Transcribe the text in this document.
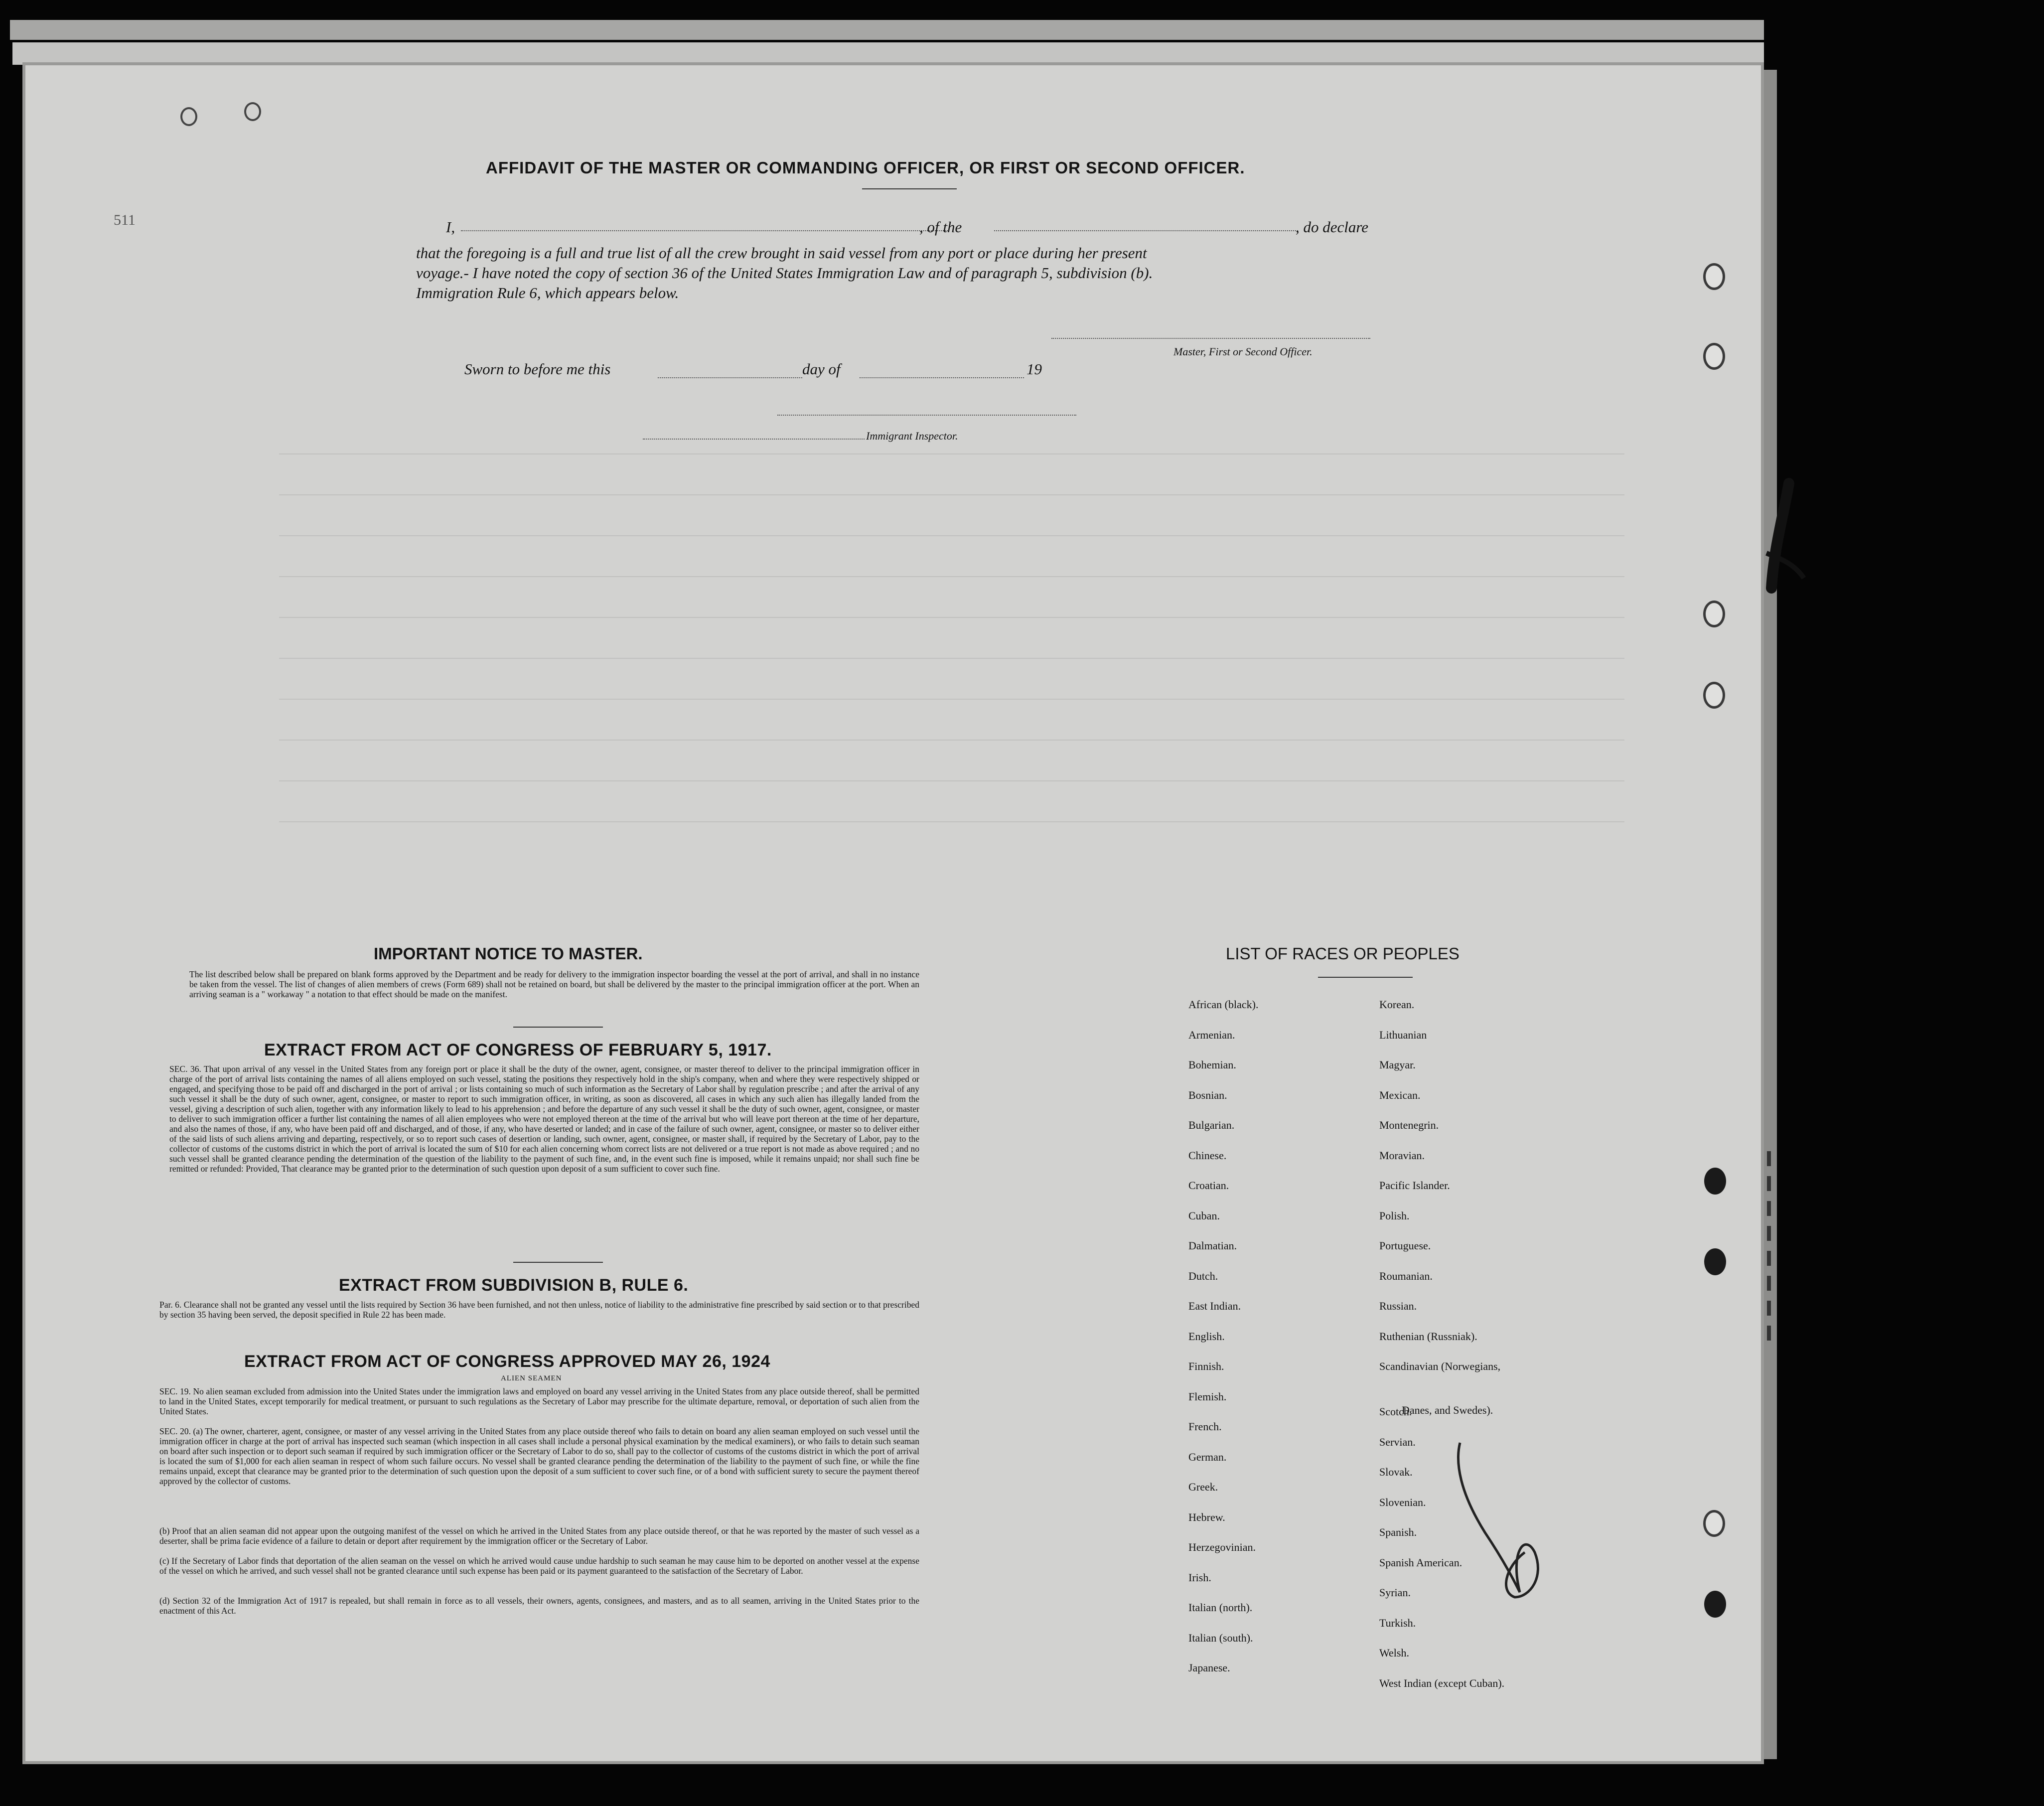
511
AFFIDAVIT OF THE MASTER OR COMMANDING OFFICER, OR FIRST OR SECOND OFFICER.
I,	, of the	, do declare
that the foregoing is a full and true list of all the crew brought in said vessel from any port or place during her present
voyage.- I have noted the copy of section 36 of the United States Immigration Law and of paragraph 5, subdivision (b).
Immigration Rule 6, which appears below.
Master, First or Second Officer.
Sworn to before me this	day of	19
Immigrant Inspector.
IMPORTANT NOTICE TO MASTER.
The list described below shall be prepared on blank forms approved by the Department and be ready for delivery to the immigration inspector boarding the vessel at the port of arrival, and shall in no instance be taken from the vessel. The list of changes of alien members of crews (Form 689) shall not be retained on board, but shall be delivered by the master to the principal immigration officer at the port. When an arriving seaman is a " workaway " a notation to that effect should be made on the manifest.
EXTRACT FROM ACT OF CONGRESS OF FEBRUARY 5, 1917.
SEC. 36. That upon arrival of any vessel in the United States from any foreign port or place it shall be the duty of the owner, agent, consignee, or master thereof to deliver to the principal immigration officer in charge of the port of arrival lists containing the names of all aliens employed on such vessel, stating the positions they respectively hold in the ship's company, when and where they were respectively shipped or engaged, and specifying those to be paid off and discharged in the port of arrival ; or lists containing so much of such information as the Secretary of Labor shall by regulation prescribe ; and after the arrival of any such vessel it shall be the duty of such owner, agent, consignee, or master to report to such immigration officer, in writing, as soon as discovered, all cases in which any such alien has illegally landed from the vessel, giving a description of such alien, together with any information likely to lead to his apprehension ; and before the departure of any such vessel it shall be the duty of such owner, agent, consignee, or master to deliver to such immigration officer a further list containing the names of all alien employees who were not employed thereon at the time of the arrival but who will leave port thereon at the time of her departure, and also the names of those, if any, who have been paid off and discharged, and of those, if any, who have deserted or landed; and in case of the failure of such owner, agent, consignee, or master so to deliver either of the said lists of such aliens arriving and departing, respectively, or so to report such cases of desertion or landing, such owner, agent, consignee, or master shall, if required by the Secretary of Labor, pay to the collector of customs of the customs district in which the port of arrival is located the sum of $10 for each alien concerning whom correct lists are not delivered or a true report is not made as above required ; and no such vessel shall be granted clearance pending the determination of the question of the liability to the payment of such fine, and, in the event such fine is imposed, while it remains unpaid; nor shall such fine be remitted or refunded: Provided, That clearance may be granted prior to the determination of such question upon deposit of a sum sufficient to cover such fine.
EXTRACT FROM SUBDIVISION B, RULE 6.
Par. 6. Clearance shall not be granted any vessel until the lists required by Section 36 have been furnished, and not then unless, notice of liability to the administrative fine prescribed by said section or to that prescribed by section 35 having been served, the deposit specified in Rule 22 has been made.
EXTRACT FROM ACT OF CONGRESS APPROVED MAY 26, 1924
ALIEN SEAMEN
SEC. 19. No alien seaman excluded from admission into the United States under the immigration laws and employed on board any vessel arriving in the United States from any place outside thereof, shall be permitted to land in the United States, except temporarily for medical treatment, or pursuant to such regulations as the Secretary of Labor may prescribe for the ultimate departure, removal, or deportation of such alien from the United States.
SEC. 20. (a) The owner, charterer, agent, consignee, or master of any vessel arriving in the United States from any place outside thereof who fails to detain on board any alien seaman employed on such vessel until the immigration officer in charge at the port of arrival has inspected such seaman (which inspection in all cases shall include a personal physical examination by the medical examiners), or who fails to detain such seaman on board after such inspection or to deport such seaman if required by such immigration officer or the Secretary of Labor to do so, shall pay to the collector of customs of the customs district in which the port of arrival is located the sum of $1,000 for each alien seaman in respect of whom such failure occurs. No vessel shall be granted clearance pending the determination of the liability to the payment of such fine, or while the fine remains unpaid, except that clearance may be granted prior to the determination of such question upon the deposit of a sum sufficient to cover such fine, or of a bond with sufficient surety to secure the payment thereof approved by the collector of customs.
(b) Proof that an alien seaman did not appear upon the outgoing manifest of the vessel on which he arrived in the United States from any place outside thereof, or that he was reported by the master of such vessel as a deserter, shall be prima facie evidence of a failure to detain or deport after requirement by the immigration officer or the Secretary of Labor.
(c) If the Secretary of Labor finds that deportation of the alien seaman on the vessel on which he arrived would cause undue hardship to such seaman he may cause him to be deported on another vessel at the expense of the vessel on which he arrived, and such vessel shall not be granted clearance until such expense has been paid or its payment guaranteed to the satisfaction of the Secretary of Labor.
(d) Section 32 of the Immigration Act of 1917 is repealed, but shall remain in force as to all vessels, their owners, agents, consignees, and masters, and as to all seamen, arriving in the United States prior to the enactment of this Act.
LIST OF RACES OR PEOPLES
African (black).
Armenian.
Bohemian.
Bosnian.
Bulgarian.
Chinese.
Croatian.
Cuban.
Dalmatian.
Dutch.
East Indian.
English.
Finnish.
Flemish.
French.
German.
Greek.
Hebrew.
Herzegovinian.
Irish.
Italian (north).
Italian (south).
Japanese.
Korean.
Lithuanian
Magyar.
Mexican.
Montenegrin.
Moravian.
Pacific Islander.
Polish.
Portuguese.
Roumanian.
Russian.
Ruthenian (Russniak).
Scandinavian (Norwegians,
Danes, and Swedes).
Scotch.
Servian.
Slovak.
Slovenian.
Spanish.
Spanish American.
Syrian.
Turkish.
Welsh.
West Indian (except Cuban).
